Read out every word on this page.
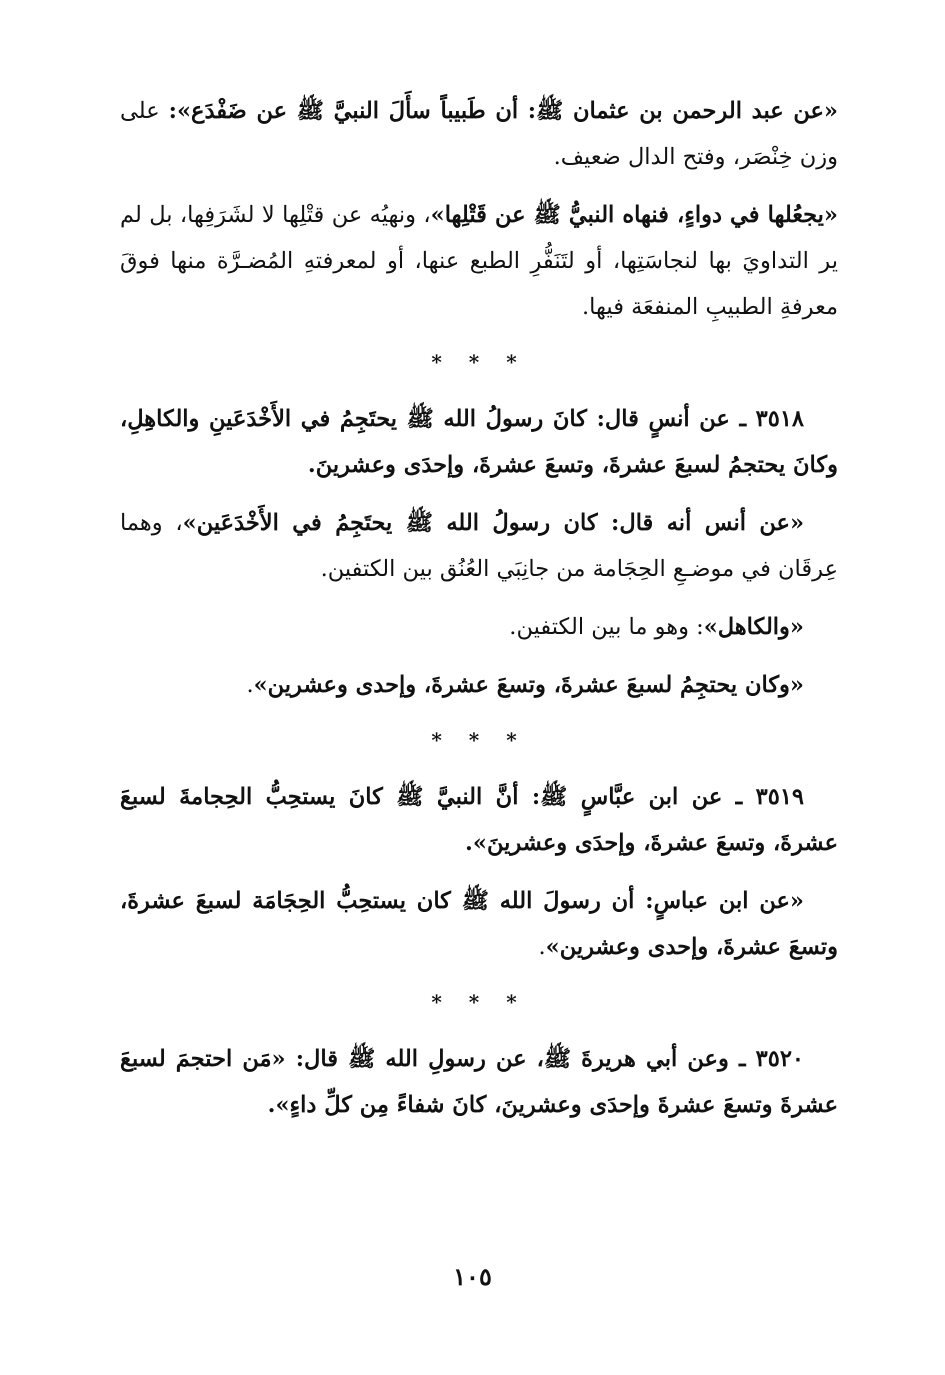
«عن عبد الرحمن بن عثمان ﷺ: أن طَبيباً سأَلَ النبيَّ ﷺ عن ضَفْدَع»: على وزن خِنْصَر، وفتح الدال ضعيف.

«يجعُلها في دواءٍ، فنهاه النبيُّ ﷺ عن قَتْلِها»، ونهيُه عن قتْلِها لا لشَرَفِها، بل لم ير التداويَ بها لنجاسَتِها، أو لتَنَفُّرِ الطبع عنها، أو لمعرفتهِ المُضـرَّة منها فوقَ معرفةِ الطبيبِ المنفعَة فيها.

* * *

٣٥١٨ ـ عن أنسٍ قال: كانَ رسولُ الله ﷺ يحتَجِمُ في الأَخْدَعَينِ والكاهِلِ، وكانَ يحتجمُ لسبعَ عشرةَ، وتسعَ عشرةَ، وإحدَى وعشرينَ.

«عن أنس أنه قال: كان رسولُ الله ﷺ يحتَجِمُ في الأَخْدَعَين»، وهما عِرقَان في موضـعِ الحِجَامة من جانِبَي العُنُق بين الكتفين.

«والكاهل»: وهو ما بين الكتفين.

«وكان يحتجِمُ لسبعَ عشرةَ، وتسعَ عشرةَ، وإحدى وعشرين».

* * *

٣٥١٩ ـ عن ابن عبَّاسٍ ﷺ: أنَّ النبيَّ ﷺ كانَ يستحِبُّ الحِجامةَ لسبعَ عشرةَ، وتسعَ عشرةَ، وإحدَى وعشرينَ».

«عن ابن عباسٍ: أن رسولَ الله ﷺ كان يستحِبُّ الحِجَامَة لسبعَ عشرةَ، وتسعَ عشرةَ، وإحدى وعشرين».

* * *

٣٥٢٠ ـ وعن أبي هريرةَ ﷺ، عن رسولِ الله ﷺ قال: «مَن احتجمَ لسبعَ عشرةَ وتسعَ عشرةَ وإحدَى وعشرينَ، كانَ شفاءً مِن كلِّ داءٍ».

١٠٥
